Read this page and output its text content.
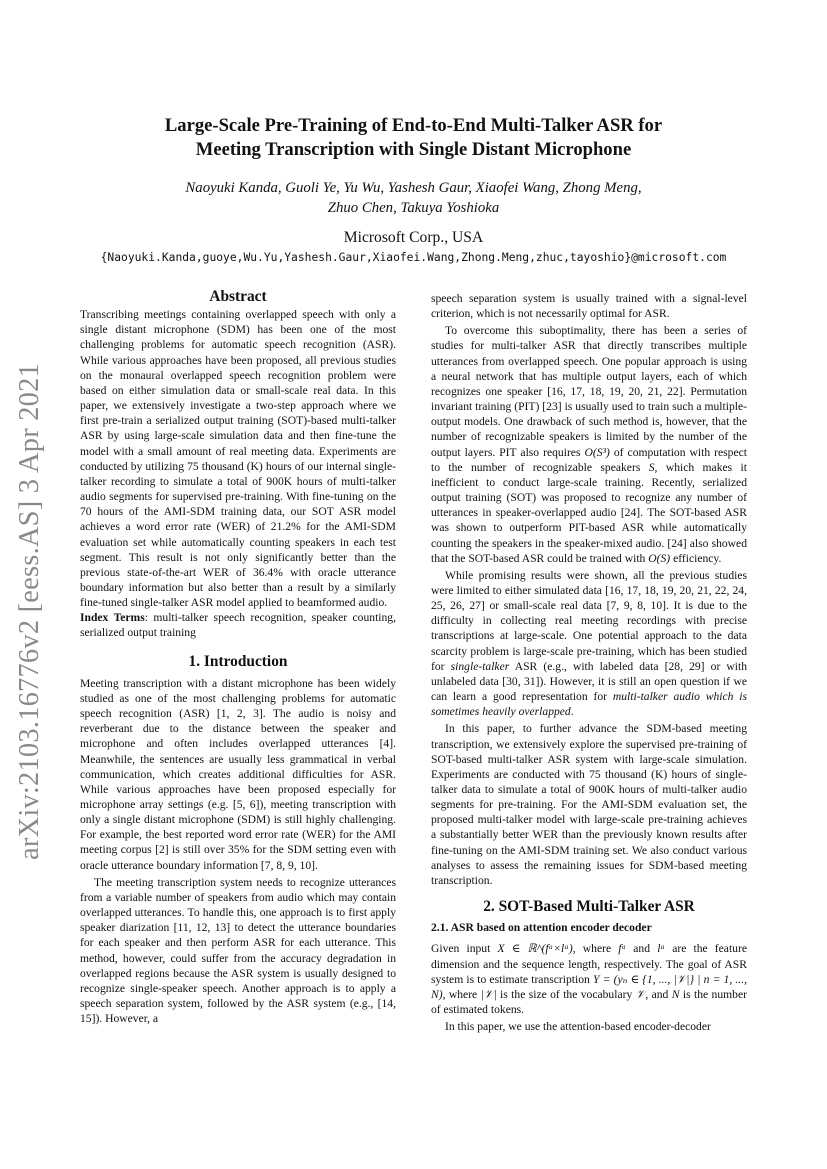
arXiv:2103.16776v2 [eess.AS] 3 Apr 2021
Large-Scale Pre-Training of End-to-End Multi-Talker ASR for
Meeting Transcription with Single Distant Microphone
Naoyuki Kanda, Guoli Ye, Yu Wu, Yashesh Gaur, Xiaofei Wang, Zhong Meng,
Zhuo Chen, Takuya Yoshioka
Microsoft Corp., USA
{Naoyuki.Kanda,guoye,Wu.Yu,Yashesh.Gaur,Xiaofei.Wang,Zhong.Meng,zhuc,tayoshio}@microsoft.com
Abstract

Transcribing meetings containing overlapped speech with only a single distant microphone (SDM) has been one of the most challenging problems for automatic speech recognition (ASR). While various approaches have been proposed, all previous studies on the monaural overlapped speech recognition problem were based on either simulation data or small-scale real data. In this paper, we extensively investigate a two-step approach where we first pre-train a serialized output training (SOT)-based multi-talker ASR by using large-scale simulation data and then fine-tune the model with a small amount of real meeting data. Experiments are conducted by utilizing 75 thousand (K) hours of our internal single-talker recording to simulate a total of 900K hours of multi-talker audio segments for supervised pre-training. With fine-tuning on the 70 hours of the AMI-SDM training data, our SOT ASR model achieves a word error rate (WER) of 21.2% for the AMI-SDM evaluation set while automatically counting speakers in each test segment. This result is not only significantly better than the previous state-of-the-art WER of 36.4% with oracle utterance boundary information but also better than a result by a similarly fine-tuned single-talker ASR model applied to beamformed audio.

Index Terms: multi-talker speech recognition, speaker counting, serialized output training

1. Introduction

Meeting transcription with a distant microphone has been widely studied as one of the most challenging problems for automatic speech recognition (ASR) [1, 2, 3]. The audio is noisy and reverberant due to the distance between the speaker and microphone and often includes overlapped utterances [4]. Meanwhile, the sentences are usually less grammatical in verbal communication, which creates additional difficulties for ASR. While various approaches have been proposed especially for microphone array settings (e.g. [5, 6]), meeting transcription with only a single distant microphone (SDM) is still highly challenging. For example, the best reported word error rate (WER) for the AMI meeting corpus [2] is still over 35% for the SDM setting even with oracle utterance boundary information [7, 8, 9, 10].

The meeting transcription system needs to recognize utterances from a variable number of speakers from audio which may contain overlapped utterances. To handle this, one approach is to first apply speaker diarization [11, 12, 13] to detect the utterance boundaries for each speaker and then perform ASR for each utterance. This method, however, could suffer from the accuracy degradation in overlapped regions because the ASR system is usually designed to recognize single-speaker speech. Another approach is to apply a speech separation system, followed by the ASR system (e.g., [14, 15]). However, a

speech separation system is usually trained with a signal-level criterion, which is not necessarily optimal for ASR.

To overcome this suboptimality, there has been a series of studies for multi-talker ASR that directly transcribes multiple utterances from overlapped speech. One popular approach is using a neural network that has multiple output layers, each of which recognizes one speaker [16, 17, 18, 19, 20, 21, 22]. Permutation invariant training (PIT) [23] is usually used to train such a multiple-output models. One drawback of such method is, however, that the number of recognizable speakers is limited by the number of the output layers. PIT also requires O(S³) of computation with respect to the number of recognizable speakers S, which makes it inefficient to conduct large-scale training. Recently, serialized output training (SOT) was proposed to recognize any number of utterances in speaker-overlapped audio [24]. The SOT-based ASR was shown to outperform PIT-based ASR while automatically counting the speakers in the speaker-mixed audio. [24] also showed that the SOT-based ASR could be trained with O(S) efficiency.

While promising results were shown, all the previous studies were limited to either simulated data [16, 17, 18, 19, 20, 21, 22, 24, 25, 26, 27] or small-scale real data [7, 9, 8, 10]. It is due to the difficulty in collecting real meeting recordings with precise transcriptions at large-scale. One potential approach to the data scarcity problem is large-scale pre-training, which has been studied for single-talker ASR (e.g., with labeled data [28, 29] or with unlabeled data [30, 31]). However, it is still an open question if we can learn a good representation for multi-talker audio which is sometimes heavily overlapped.

In this paper, to further advance the SDM-based meeting transcription, we extensively explore the supervised pre-training of SOT-based multi-talker ASR system with large-scale simulation. Experiments are conducted with 75 thousand (K) hours of single-talker data to simulate a total of 900K hours of multi-talker audio segments for pre-training. For the AMI-SDM evaluation set, the proposed multi-talker model with large-scale pre-training achieves a substantially better WER than the previously known results after fine-tuning on the AMI-SDM training set. We also conduct various analyses to assess the remaining issues for SDM-based meeting transcription.

2. SOT-Based Multi-Talker ASR
2.1. ASR based on attention encoder decoder

Given input X ∈ ℝ^(fᵃ×lᵃ), where fᵃ and lᵃ are the feature dimension and the sequence length, respectively. The goal of ASR system is to estimate transcription Y = (yₙ ∈ {1, ..., |𝒱|} | n = 1, ..., N), where |𝒱| is the size of the vocabulary 𝒱, and N is the number of estimated tokens.

In this paper, we use the attention-based encoder-decoder
